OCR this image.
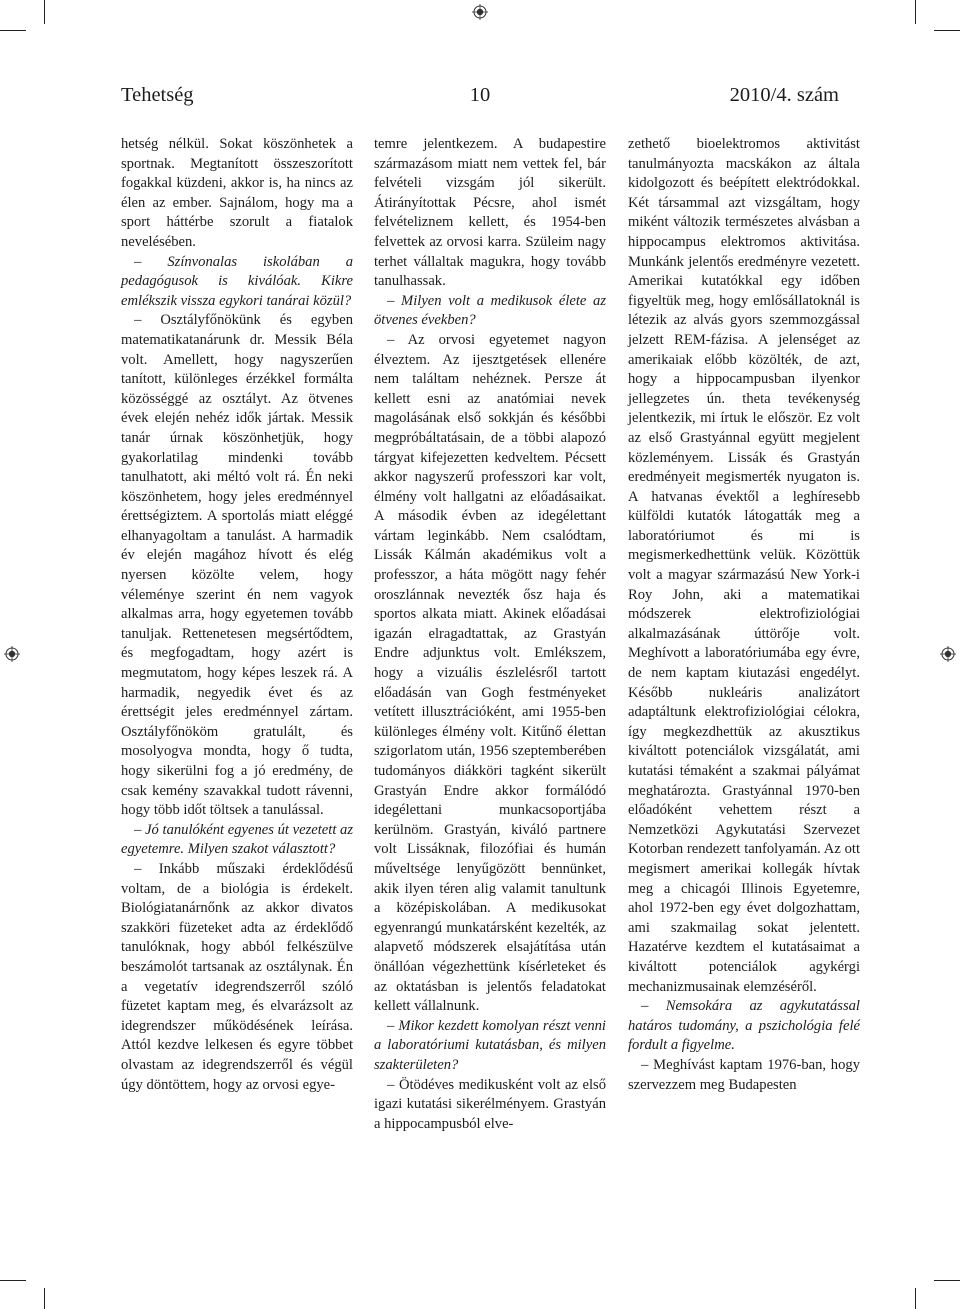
Tehetség	10	2010/4. szám

hetség nélkül. Sokat köszönhetek a sportnak. Megtanított összeszorított fogakkal küzdeni, akkor is, ha nincs az élen az ember. Sajnálom, hogy ma a sport háttérbe szorult a fiatalok nevelésében.

– Színvonalas iskolában a pedagógusok is kiválóak. Kikre emlékszik vissza egykori tanárai közül?

– Osztályfőnökünk és egyben matematikatanárunk dr. Messik Béla volt. Amellett, hogy nagyszerűen tanított, különleges érzékkel formálta közösséggé az osztályt. Az ötvenes évek elején nehéz idők jártak. Messik tanár úrnak köszönhetjük, hogy gyakorlatilag mindenki tovább tanulhatott, aki méltó volt rá. Én neki köszönhetem, hogy jeles eredménnyel érettségiztem. A sportolás miatt eléggé elhanyagoltam a tanulást. A harmadik év elején magához hívott és elég nyersen közölte velem, hogy véleménye szerint én nem vagyok alkalmas arra, hogy egyetemen tovább tanuljak. Rettenetesen megsértődtem, és megfogadtam, hogy azért is megmutatom, hogy képes leszek rá. A harmadik, negyedik évet és az érettségit jeles eredménnyel zártam. Osztályfőnököm gratulált, és mosolyogva mondta, hogy ő tudta, hogy sikerülni fog a jó eredmény, de csak kemény szavakkal tudott rávenni, hogy több időt töltsek a tanulással.

– Jó tanulóként egyenes út vezetett az egyetemre. Milyen szakot választott?

– Inkább műszaki érdeklődésű voltam, de a biológia is érdekelt. Biológiatanárnőnk az akkor divatos szakköri füzeteket adta az érdeklődő tanulóknak, hogy abból felkészülve beszámolót tartsanak az osztálynak. Én a vegetatív idegrendszerről szóló füzetet kaptam meg, és elvarázsolt az idegrendszer működésének leírása. Attól kezdve lelkesen és egyre többet olvastam az idegrendszerről és végül úgy döntöttem, hogy az orvosi egye-

temre jelentkezem. A budapestire származásom miatt nem vettek fel, bár felvételi vizsgám jól sikerült. Átirányítottak Pécsre, ahol ismét felvételiznem kellett, és 1954-ben felvettek az orvosi karra. Szüleim nagy terhet vállaltak magukra, hogy tovább tanulhassak.

– Milyen volt a medikusok élete az ötvenes években?

– Az orvosi egyetemet nagyon élveztem. Az ijesztgetések ellenére nem találtam nehéznek. Persze át kellett esni az anatómiai nevek magolásának első sokkján és későbbi megpróbáltatásain, de a többi alapozó tárgyat kifejezetten kedveltem. Pécsett akkor nagyszerű professzori kar volt, élmény volt hallgatni az előadásaikat. A második évben az idegélettant vártam leginkább. Nem csalódtam, Lissák Kálmán akadémikus volt a professzor, a háta mögött nagy fehér oroszlánnak nevezték ősz haja és sportos alkata miatt. Akinek előadásai igazán elragadtattak, az Grastyán Endre adjunktus volt. Emlékszem, hogy a vizuális észlelésről tartott előadásán van Gogh festményeket vetített illusztrációként, ami 1955-ben különleges élmény volt. Kitűnő élettan szigorlatom után, 1956 szeptemberében tudományos diákköri tagként sikerült Grastyán Endre akkor formálódó idegélettani munkacsoportjába kerülnöm. Grastyán, kiváló partnere volt Lissáknak, filozófiai és humán műveltsége lenyűgözött bennünket, akik ilyen téren alig valamit tanultunk a középiskolában. A medikusokat egyenrangú munkatársként kezelték, az alapvető módszerek elsajátítása után önállóan végezhettünk kísérleteket és az oktatásban is jelentős feladatokat kellett vállalnunk.

– Mikor kezdett komolyan részt venni a laboratóriumi kutatásban, és milyen szakterületen?

– Ötödéves medikusként volt az első igazi kutatási sikerélményem. Grastyán a hippocampusból elve-

zethető bioelektromos aktivitást tanulmányozta macskákon az általa kidolgozott és beépített elektródokkal. Két társammal azt vizsgáltam, hogy miként változik természetes alvásban a hippocampus elektromos aktivitása. Munkánk jelentős eredményre vezetett. Amerikai kutatókkal egy időben figyeltük meg, hogy emlősállatoknál is létezik az alvás gyors szemmozgással jelzett REM-fázisa. A jelenséget az amerikaiak előbb közölték, de azt, hogy a hippocampusban ilyenkor jellegzetes ún. theta tevékenység jelentkezik, mi írtuk le először. Ez volt az első Grastyánnal együtt megjelent közleményem. Lissák és Grastyán eredményeit megismerték nyugaton is. A hatvanas évektől a leghíresebb külföldi kutatók látogatták meg a laboratóriumot és mi is megismerkedhettünk velük. Közöttük volt a magyar származású New York-i Roy John, aki a matematikai módszerek elektrofiziológiai alkalmazásának úttörője volt. Meghívott a laboratóriumába egy évre, de nem kaptam kiutazási engedélyt. Később nukleáris analizátort adaptáltunk elektrofiziológiai célokra, így megkezdhettük az akusztikus kiváltott potenciálok vizsgálatát, ami kutatási témaként a szakmai pályámat meghatározta. Grastyánnal 1970-ben előadóként vehettem részt a Nemzetközi Agykutatási Szervezet Kotorban rendezett tanfolyamán. Az ott megismert amerikai kollegák hívtak meg a chicagói Illinois Egyetemre, ahol 1972-ben egy évet dolgozhattam, ami szakmailag sokat jelentett. Hazatérve kezdtem el kutatásaimat a kiváltott potenciálok agykérgi mechanizmusainak elemzéséről.

– Nemsokára az agykutatással határos tudomány, a pszichológia felé fordult a figyelme.

– Meghívást kaptam 1976-ban, hogy szervezzem meg Budapesten
